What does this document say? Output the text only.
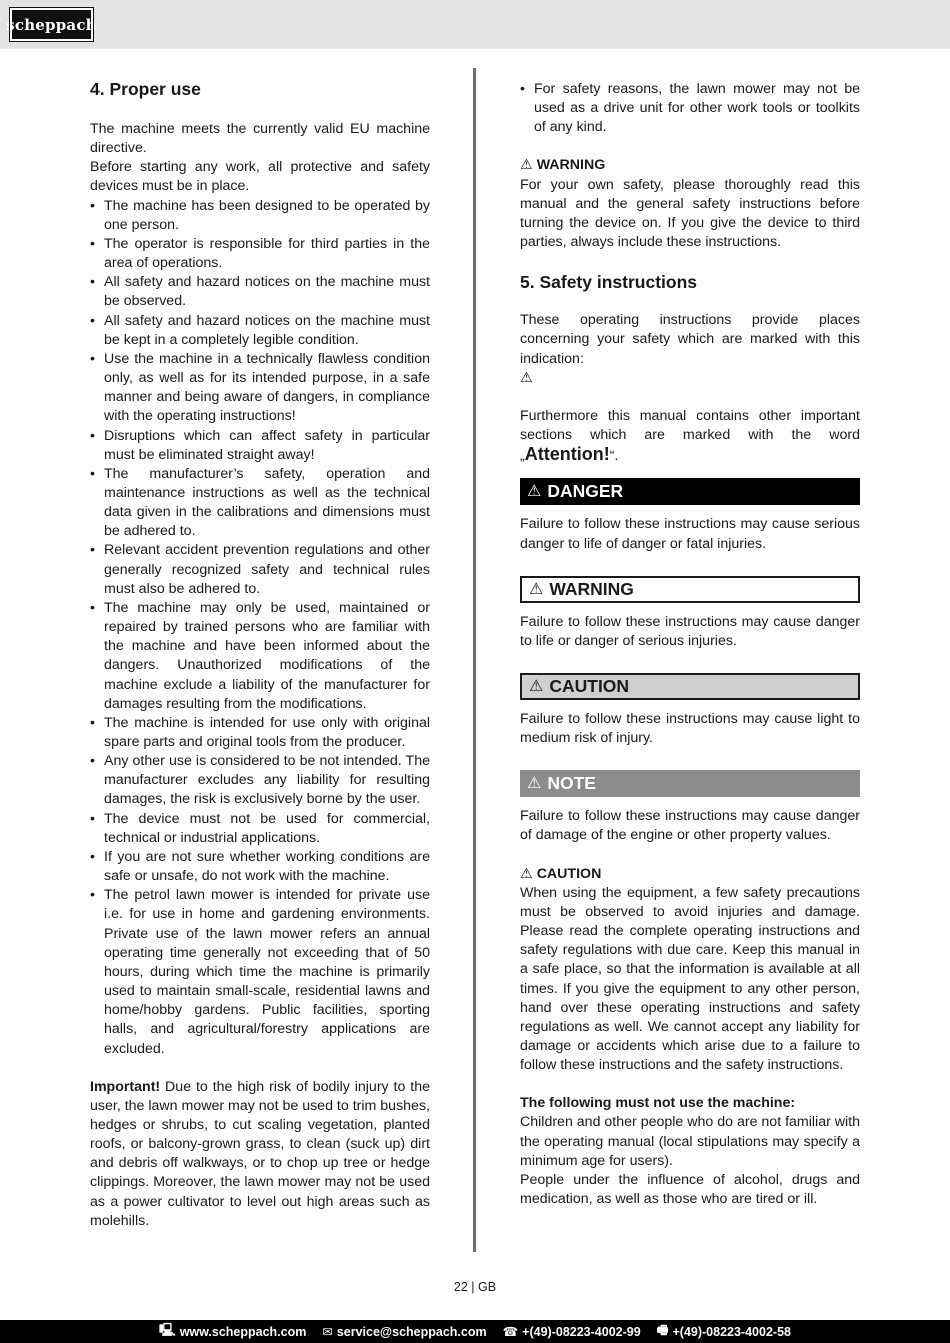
scheppach
4. Proper use

The machine meets the currently valid EU machine directive.

Before starting any work, all protective and safety devices must be in place.

• The machine has been designed to be operated by one person.
• The operator is responsible for third parties in the area of operations.
• All safety and hazard notices on the machine must be observed.
• All safety and hazard notices on the machine must be kept in a completely legible condition.
• Use the machine in a technically flawless condition only, as well as for its intended purpose, in a safe manner and being aware of dangers, in compliance with the operating instructions!
• Disruptions which can affect safety in particular must be eliminated straight away!
• The manufacturer’s safety, operation and maintenance instructions as well as the technical data given in the calibrations and dimensions must be adhered to.
• Relevant accident prevention regulations and other generally recognized safety and technical rules must also be adhered to.
• The machine may only be used, maintained or repaired by trained persons who are familiar with the machine and have been informed about the dangers. Unauthorized modifications of the machine exclude a liability of the manufacturer for damages resulting from the modifications.
• The machine is intended for use only with original spare parts and original tools from the producer.
• Any other use is considered to be not intended. The manufacturer excludes any liability for resulting damages, the risk is exclusively borne by the user.
• The device must not be used for commercial, technical or industrial applications.
• If you are not sure whether working conditions are safe or unsafe, do not work with the machine.
• The petrol lawn mower is intended for private use i.e. for use in home and gardening environments. Private use of the lawn mower refers an annual operating time generally not exceeding that of 50 hours, during which time the machine is primarily used to maintain small-scale, residential lawns and home/hobby gardens. Public facilities, sporting halls, and agricultural/forestry applications are excluded.

Important! Due to the high risk of bodily injury to the user, the lawn mower may not be used to trim bushes, hedges or shrubs, to cut scaling vegetation, planted roofs, or balcony-grown grass, to clean (suck up) dirt and debris off walkways, or to chop up tree or hedge clippings. Moreover, the lawn mower may not be used as a power cultivator to level out high areas such as molehills.

• For safety reasons, the lawn mower may not be used as a drive unit for other work tools or toolkits of any kind.
⚠ WARNING

For your own safety, please thoroughly read this manual and the general safety instructions before turning the device on. If you give the device to third parties, always include these instructions.

5. Safety instructions

These operating instructions provide places concerning your safety which are marked with this indication:

⚠

Furthermore this manual contains other important sections which are marked with the word „Attention!“.

⚠ DANGER

Failure to follow these instructions may cause serious danger to life of danger or fatal injuries.

⚠ WARNING

Failure to follow these instructions may cause danger to life or danger of serious injuries.

⚠ CAUTION

Failure to follow these instructions may cause light to medium risk of injury.

⚠ NOTE

Failure to follow these instructions may cause danger of damage of the engine or other property values.

⚠ CAUTION

When using the equipment, a few safety precautions must be observed to avoid injuries and damage. Please read the complete operating instructions and safety regulations with due care. Keep this manual in a safe place, so that the information is available at all times. If you give the equipment to any other person, hand over these operating instructions and safety regulations as well. We cannot accept any liability for damage or accidents which arise due to a failure to follow these instructions and the safety instructions.

The following must not use the machine:

Children and other people who do are not familiar with the operating manual (local stipulations may specify a minimum age for users).

People under the influence of alcohol, drugs and medication, as well as those who are tired or ill.

22 | GB
🖳 www.scheppach.com ✉ service@scheppach.com ☎ +(49)-08223-4002-99 🖷 +(49)-08223-4002-58
